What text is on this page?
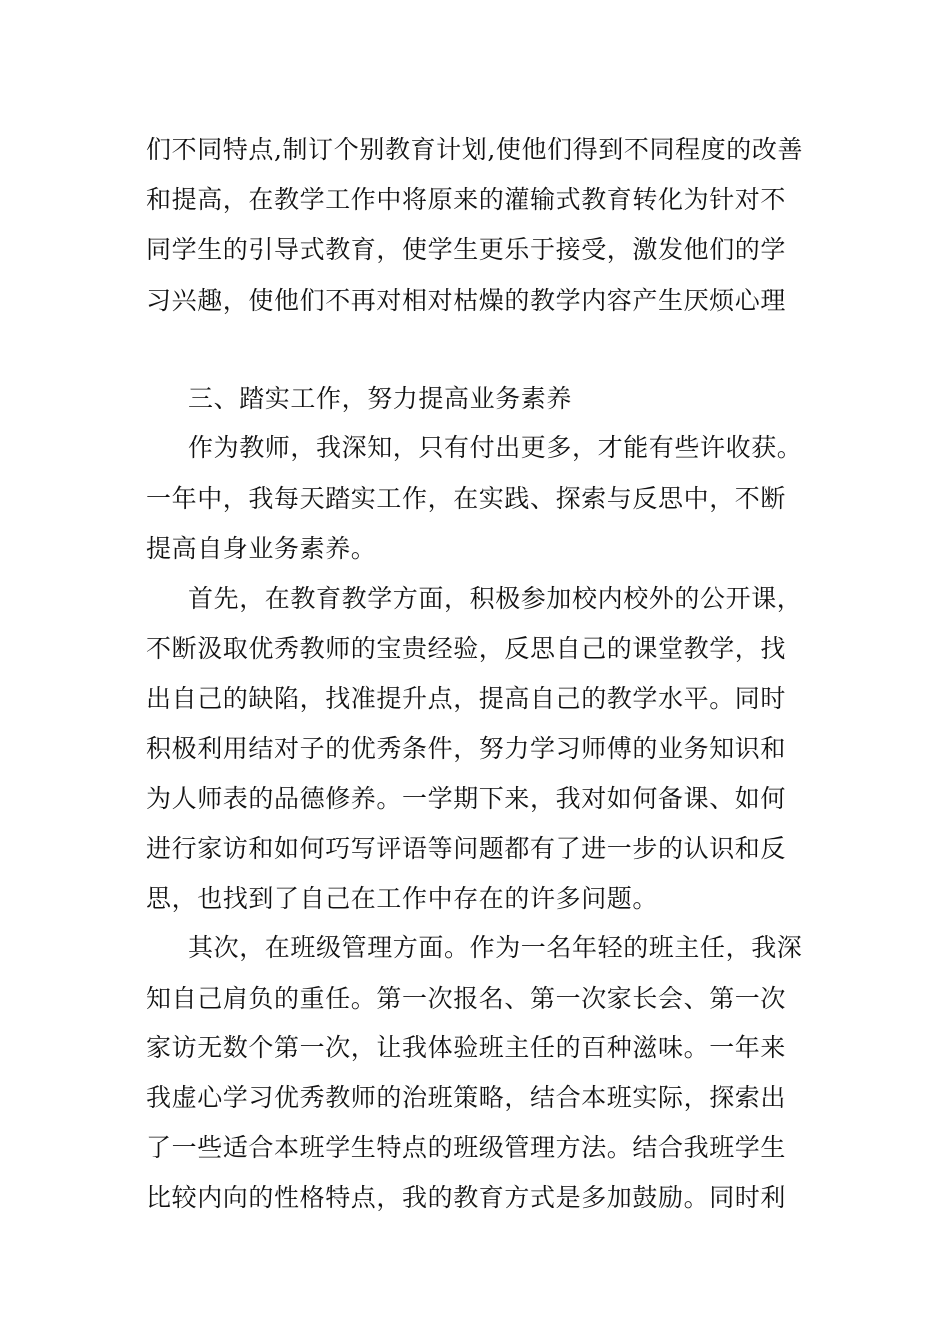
们不同特点,制订个别教育计划,使他们得到不同程度的改善
和提高，在教学工作中将原来的灌输式教育转化为针对不
同学生的引导式教育，使学生更乐于接受，激发他们的学
习兴趣，使他们不再对相对枯燥的教学内容产生厌烦心理
三、踏实工作，努力提高业务素养
作为教师，我深知，只有付出更多，才能有些许收获。
一年中，我每天踏实工作，在实践、探索与反思中，不断
提高自身业务素养。
首先，在教育教学方面，积极参加校内校外的公开课，
不断汲取优秀教师的宝贵经验，反思自己的课堂教学，找
出自己的缺陷，找准提升点，提高自己的教学水平。同时
积极利用结对子的优秀条件，努力学习师傅的业务知识和
为人师表的品德修养。一学期下来，我对如何备课、如何
进行家访和如何巧写评语等问题都有了进一步的认识和反
思，也找到了自己在工作中存在的许多问题。
其次，在班级管理方面。作为一名年轻的班主任，我深
知自己肩负的重任。第一次报名、第一次家长会、第一次
家访无数个第一次，让我体验班主任的百种滋味。一年来
我虚心学习优秀教师的治班策略，结合本班实际，探索出
了一些适合本班学生特点的班级管理方法。结合我班学生
比较内向的性格特点，我的教育方式是多加鼓励。同时利
